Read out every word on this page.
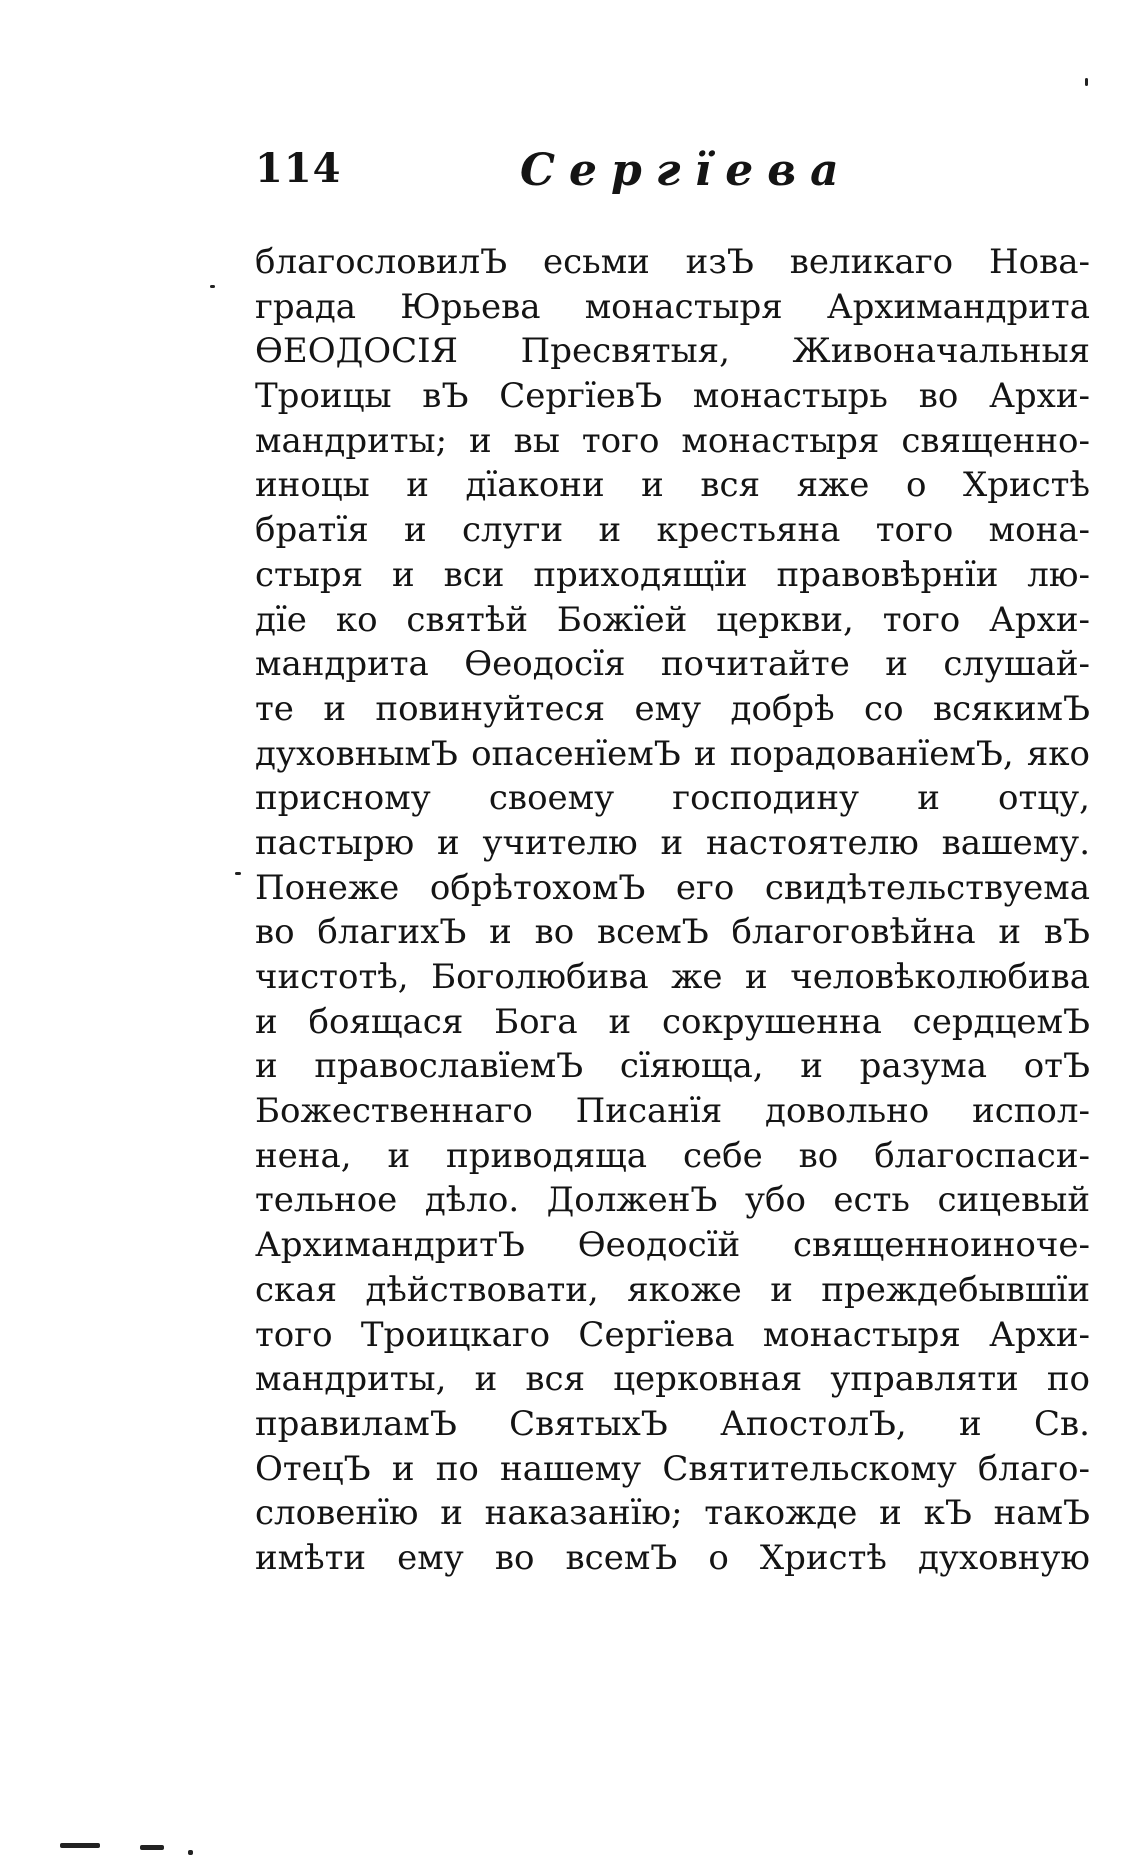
114	Сергїева
благословилЪ есьми изЪ великаго Нова-
града Юрьева монастыря Архимандрита
ѲЕОДОСІЯ Пресвятыя, Живоначальныя
Троицы вЪ СергїевЪ монастырь во Архи-
мандриты; и вы того монастыря священно-
иноцы и дїакони и вся яже о Христѣ
братїя и слуги и крестьяна того мона-
стыря и вси приходящїи правовѣрнїи лю-
дїе ко святѣй Божїей церкви, того Архи-
мандрита Ѳеодосїя почитайте и слушай-
те и повинуйтеся ему добрѣ со всякимЪ
духовнымЪ опасенїемЪ и порадованїемЪ, яко
присному своему господину и отцу,
пастырю и учителю и настоятелю вашему.
Понеже обрѣтохомЪ его свидѣтельствуема
во благихЪ и во всемЪ благоговѣйна и вЪ
чистотѣ, Боголюбива же и человѣколюбива
и боящася Бога и сокрушенна сердцемЪ
и православїемЪ сїяюща, и разума отЪ
Божественнаго Писанїя довольно испол-
нена, и приводяща себе во благоспаси-
тельное дѣло. ДолженЪ убо есть сицевый
АрхимандритЪ Ѳеодосїй священноиноче-
ская дѣйствовати, якоже и преждебывшїи
того Троицкаго Сергїева монастыря Архи-
мандриты, и вся церковная управляти по
правиламЪ СвятыхЪ АпостолЪ, и Св.
ОтецЪ и по нашему Святительскому благо-
словенїю и наказанїю; такожде и кЪ намЪ
имѣти ему во всемЪ о Христѣ духовную
